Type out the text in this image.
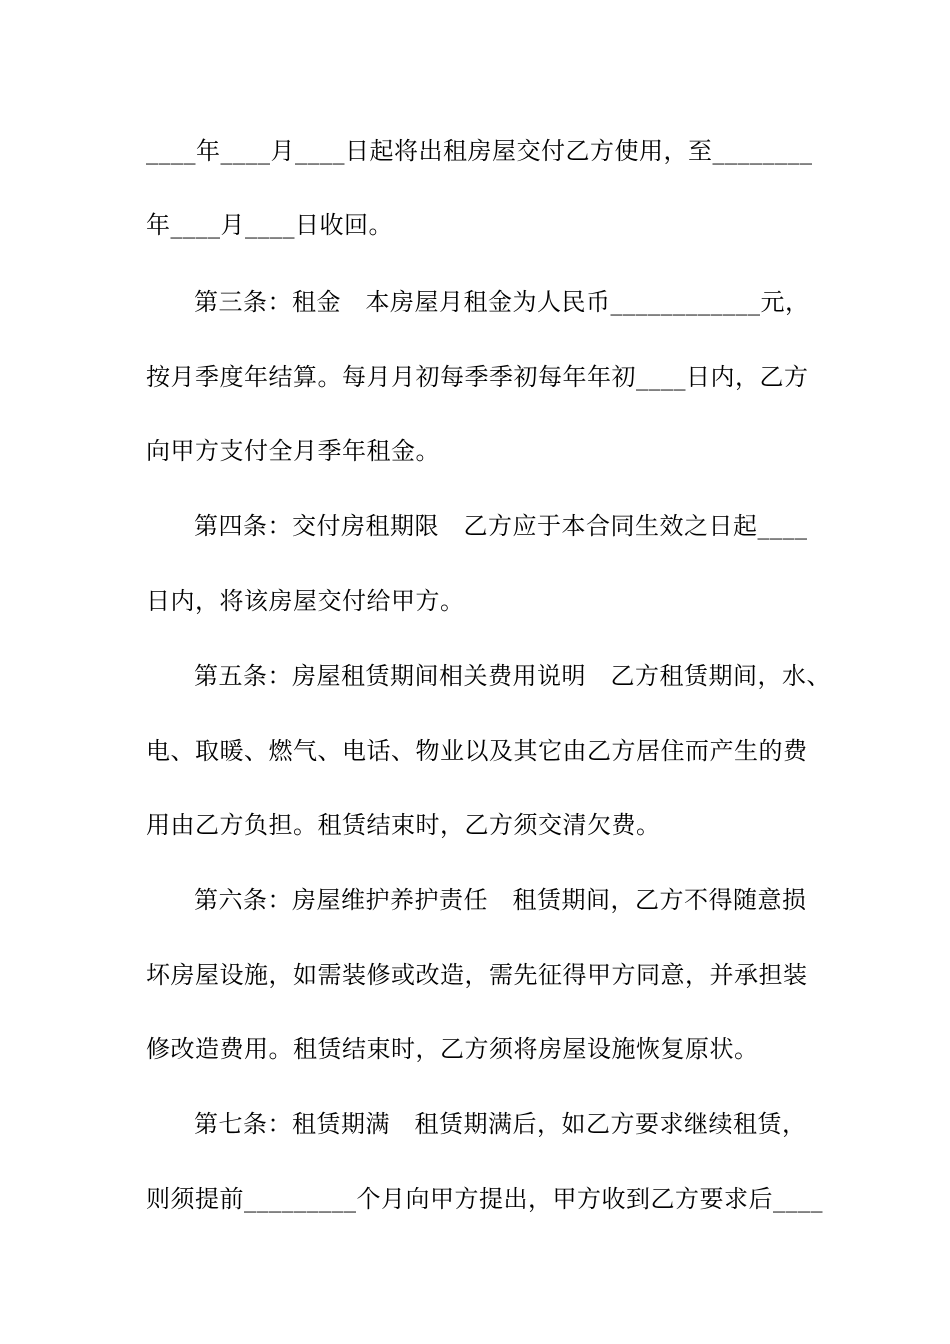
____年____月____日起将出租房屋交付乙方使用，至________
年____月____日收回。
第三条：租金　本房屋月租金为人民币____________元，
按月季度年结算。每月月初每季季初每年年初____日内，乙方
向甲方支付全月季年租金。
第四条：交付房租期限　乙方应于本合同生效之日起____
日内，将该房屋交付给甲方。
第五条：房屋租赁期间相关费用说明　乙方租赁期间，水、
电、取暖、燃气、电话、物业以及其它由乙方居住而产生的费
用由乙方负担。租赁结束时，乙方须交清欠费。
第六条：房屋维护养护责任　租赁期间，乙方不得随意损
坏房屋设施，如需装修或改造，需先征得甲方同意，并承担装
修改造费用。租赁结束时，乙方须将房屋设施恢复原状。
第七条：租赁期满　租赁期满后，如乙方要求继续租赁，
则须提前_________个月向甲方提出，甲方收到乙方要求后____
